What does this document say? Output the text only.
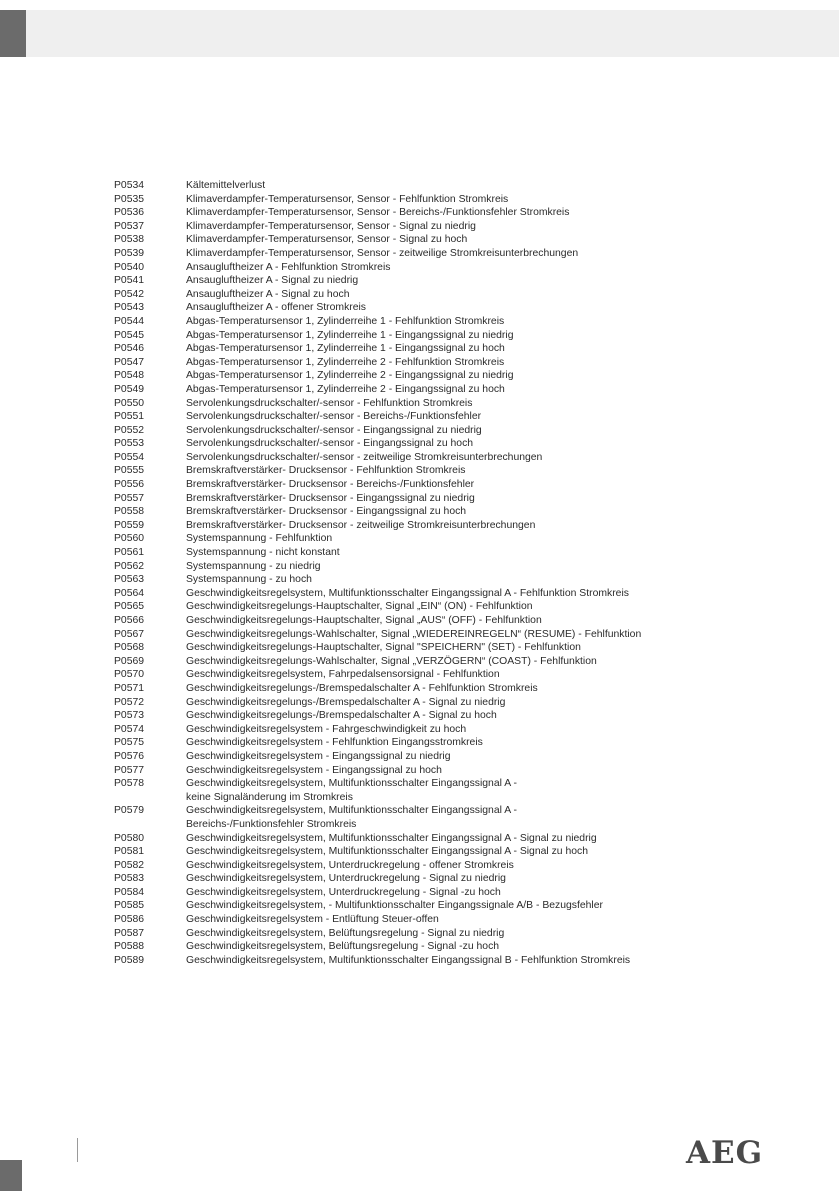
P0534	Kältemittelverlust
P0535	Klimaverdampfer-Temperatursensor, Sensor - Fehlfunktion Stromkreis
P0536	Klimaverdampfer-Temperatursensor, Sensor - Bereichs-/Funktionsfehler Stromkreis
P0537	Klimaverdampfer-Temperatursensor, Sensor - Signal zu niedrig
P0538	Klimaverdampfer-Temperatursensor, Sensor - Signal zu hoch
P0539	Klimaverdampfer-Temperatursensor, Sensor - zeitweilige Stromkreisunterbrechungen
P0540	Ansaugluftheizer A - Fehlfunktion Stromkreis
P0541	Ansaugluftheizer A - Signal zu niedrig
P0542	Ansaugluftheizer A - Signal zu hoch
P0543	Ansaugluftheizer A - offener Stromkreis
P0544	Abgas-Temperatursensor 1, Zylinderreihe 1 - Fehlfunktion Stromkreis
P0545	Abgas-Temperatursensor 1, Zylinderreihe 1 - Eingangssignal zu niedrig
P0546	Abgas-Temperatursensor 1, Zylinderreihe 1 - Eingangssignal zu hoch
P0547	Abgas-Temperatursensor 1, Zylinderreihe 2 - Fehlfunktion Stromkreis
P0548	Abgas-Temperatursensor 1, Zylinderreihe 2 - Eingangssignal zu niedrig
P0549	Abgas-Temperatursensor 1, Zylinderreihe 2 - Eingangssignal zu hoch
P0550	Servolenkungsdruckschalter/-sensor - Fehlfunktion Stromkreis
P0551	Servolenkungsdruckschalter/-sensor - Bereichs-/Funktionsfehler
P0552	Servolenkungsdruckschalter/-sensor - Eingangssignal zu niedrig
P0553	Servolenkungsdruckschalter/-sensor - Eingangssignal zu hoch
P0554	Servolenkungsdruckschalter/-sensor - zeitweilige Stromkreisunterbrechungen
P0555	Bremskraftverstärker- Drucksensor - Fehlfunktion Stromkreis
P0556	Bremskraftverstärker- Drucksensor - Bereichs-/Funktionsfehler
P0557	Bremskraftverstärker- Drucksensor - Eingangssignal zu niedrig
P0558	Bremskraftverstärker- Drucksensor - Eingangssignal zu hoch
P0559	Bremskraftverstärker- Drucksensor - zeitweilige Stromkreisunterbrechungen
P0560	Systemspannung - Fehlfunktion
P0561	Systemspannung - nicht konstant
P0562	Systemspannung - zu niedrig
P0563	Systemspannung - zu hoch
P0564	Geschwindigkeitsregelsystem, Multifunktionsschalter Eingangssignal A - Fehlfunktion Stromkreis
P0565	Geschwindigkeitsregelungs-Hauptschalter, Signal „EIN“ (ON) - Fehlfunktion
P0566	Geschwindigkeitsregelungs-Hauptschalter, Signal „AUS“ (OFF) - Fehlfunktion
P0567	Geschwindigkeitsregelungs-Wahlschalter, Signal „WIEDEREINREGELN“ (RESUME) - Fehlfunktion
P0568	Geschwindigkeitsregelungs-Hauptschalter, Signal "SPEICHERN" (SET) - Fehlfunktion
P0569	Geschwindigkeitsregelungs-Wahlschalter, Signal „VERZÖGERN“ (COAST) - Fehlfunktion
P0570	Geschwindigkeitsregelsystem, Fahrpedalsensorsignal - Fehlfunktion
P0571	Geschwindigkeitsregelungs-/Bremspedalschalter A - Fehlfunktion Stromkreis
P0572	Geschwindigkeitsregelungs-/Bremspedalschalter A - Signal zu niedrig
P0573	Geschwindigkeitsregelungs-/Bremspedalschalter A - Signal zu hoch
P0574	Geschwindigkeitsregelsystem - Fahrgeschwindigkeit zu hoch
P0575	Geschwindigkeitsregelsystem - Fehlfunktion Eingangsstromkreis
P0576	Geschwindigkeitsregelsystem - Eingangssignal zu niedrig
P0577	Geschwindigkeitsregelsystem - Eingangssignal zu hoch
P0578	Geschwindigkeitsregelsystem, Multifunktionsschalter Eingangssignal A -
keine Signaländerung im Stromkreis
P0579	Geschwindigkeitsregelsystem, Multifunktionsschalter Eingangssignal A -
Bereichs-/Funktionsfehler Stromkreis
P0580	Geschwindigkeitsregelsystem, Multifunktionsschalter Eingangssignal A - Signal zu niedrig
P0581	Geschwindigkeitsregelsystem, Multifunktionsschalter Eingangssignal A - Signal zu hoch
P0582	Geschwindigkeitsregelsystem, Unterdruckregelung - offener Stromkreis
P0583	Geschwindigkeitsregelsystem, Unterdruckregelung - Signal zu niedrig
P0584	Geschwindigkeitsregelsystem, Unterdruckregelung - Signal -zu hoch
P0585	Geschwindigkeitsregelsystem, - Multifunktionsschalter Eingangssignale A/B - Bezugsfehler
P0586	Geschwindigkeitsregelsystem - Entlüftung Steuer-offen
P0587	Geschwindigkeitsregelsystem, Belüftungsregelung - Signal zu niedrig
P0588	Geschwindigkeitsregelsystem, Belüftungsregelung - Signal -zu hoch
P0589	Geschwindigkeitsregelsystem, Multifunktionsschalter Eingangssignal B - Fehlfunktion Stromkreis
AEG
